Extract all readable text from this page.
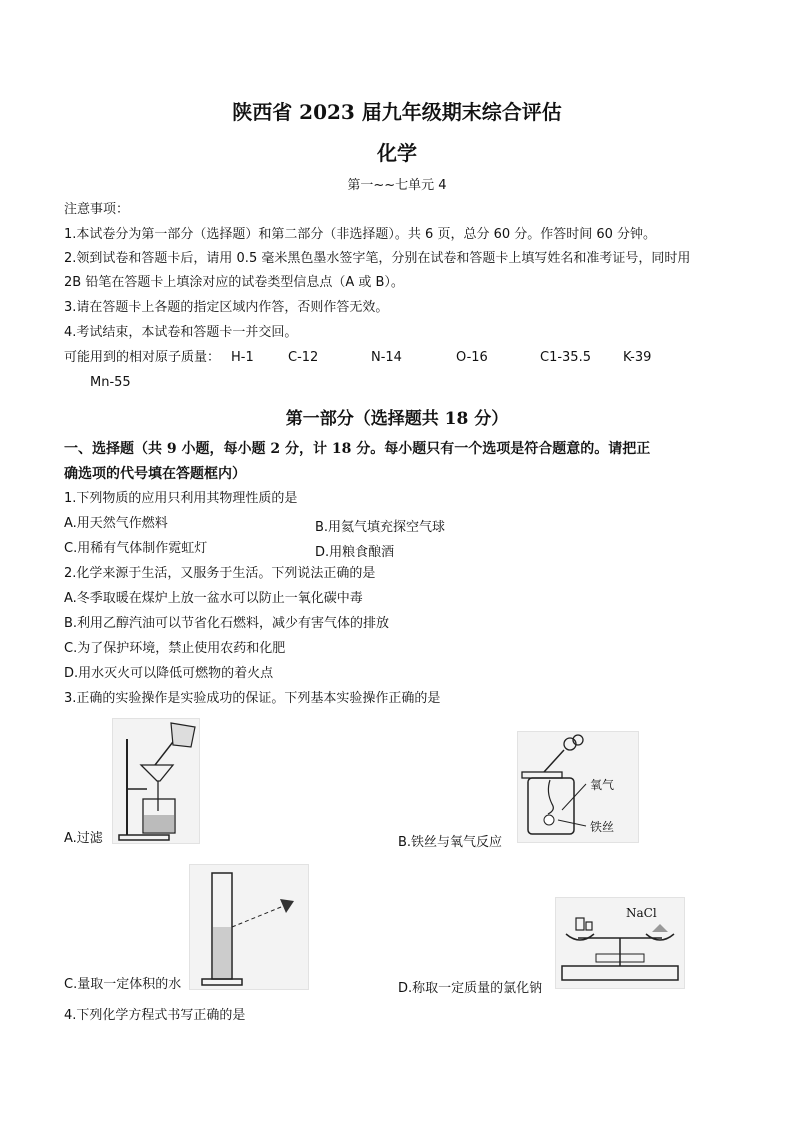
陕西省 2023 届九年级期末综合评估
化学
第一~~七单元 4
注意事项：
1.本试卷分为第一部分（选择题）和第二部分（非选择题）。共 6 页，总分 60 分。作答时间 60 分钟。
2.领到试卷和答题卡后，请用 0.5 毫米黑色墨水签字笔，分别在试卷和答题卡上填写姓名和准考证号，同时用
2B 铅笔在答题卡上填涂对应的试卷类型信息点（A 或 B）。
3.请在答题卡上各题的指定区域内作答，否则作答无效。
4.考试结束，本试卷和答题卡一并交回。
可能用到的相对原子质量： H-1	C-12	N-14	O-16	C1-35.5 K-39
Mn-55
第一部分（选择题共 18 分）
一、选择题（共 9 小题，每小题 2 分，计 18 分。每小题只有一个选项是符合题意的。请把正
确选项的代号填在答题框内）
1.下列物质的应用只利用其物理性质的是
A.用天然气作燃料	B.用氦气填充探空气球
C.用稀有气体制作霓虹灯	D.用粮食酿酒
2.化学来源于生活，又服务于生活。下列说法正确的是
A.冬季取暖在煤炉上放一盆水可以防止一氧化碳中毒
B.利用乙醇汽油可以节省化石燃料，减少有害气体的排放
C.为了保护环境，禁止使用农药和化肥
D.用水灭火可以降低可燃物的着火点
3.正确的实验操作是实验成功的保证。下列基本实验操作正确的是
A.过滤
氧气
铁丝
B.铁丝与氧气反应
C.量取一定体积的水
NaCl
D.称取一定质量的氯化钠
4.下列化学方程式书写正确的是
